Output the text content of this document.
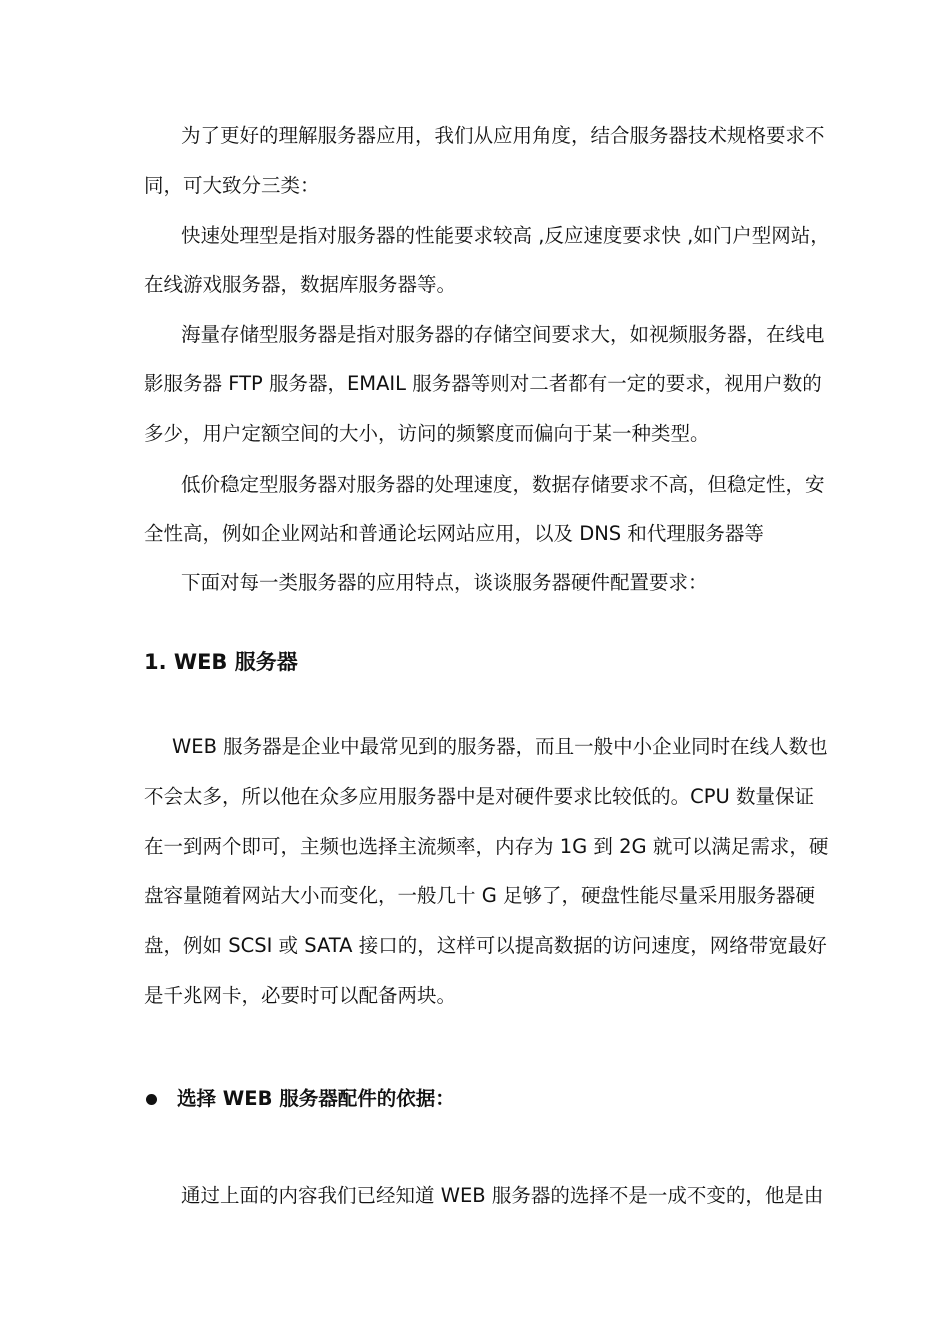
为了更好的理解服务器应用，我们从应用角度，结合服务器技术规格要求不
同，可大致分三类：
快速处理型是指对服务器的性能要求较高 ,反应速度要求快 ,如门户型网站，
在线游戏服务器，数据库服务器等。
海量存储型服务器是指对服务器的存储空间要求大，如视频服务器，在线电
影服务器 FTP 服务器，EMAIL 服务器等则对二者都有一定的要求，视用户数的
多少，用户定额空间的大小，访问的频繁度而偏向于某一种类型。
低价稳定型服务器对服务器的处理速度，数据存储要求不高，但稳定性，安
全性高，例如企业网站和普通论坛网站应用，以及 DNS 和代理服务器等
下面对每一类服务器的应用特点，谈谈服务器硬件配置要求：
1. WEB 服务器
WEB 服务器是企业中最常见到的服务器，而且一般中小企业同时在线人数也
不会太多，所以他在众多应用服务器中是对硬件要求比较低的。CPU 数量保证
在一到两个即可，主频也选择主流频率，内存为 1G 到 2G 就可以满足需求，硬
盘容量随着网站大小而变化，一般几十 G 足够了，硬盘性能尽量采用服务器硬
盘，例如 SCSI 或 SATA 接口的，这样可以提高数据的访问速度，网络带宽最好
是千兆网卡，必要时可以配备两块。
选择 WEB 服务器配件的依据：
通过上面的内容我们已经知道 WEB 服务器的选择不是一成不变的，他是由
